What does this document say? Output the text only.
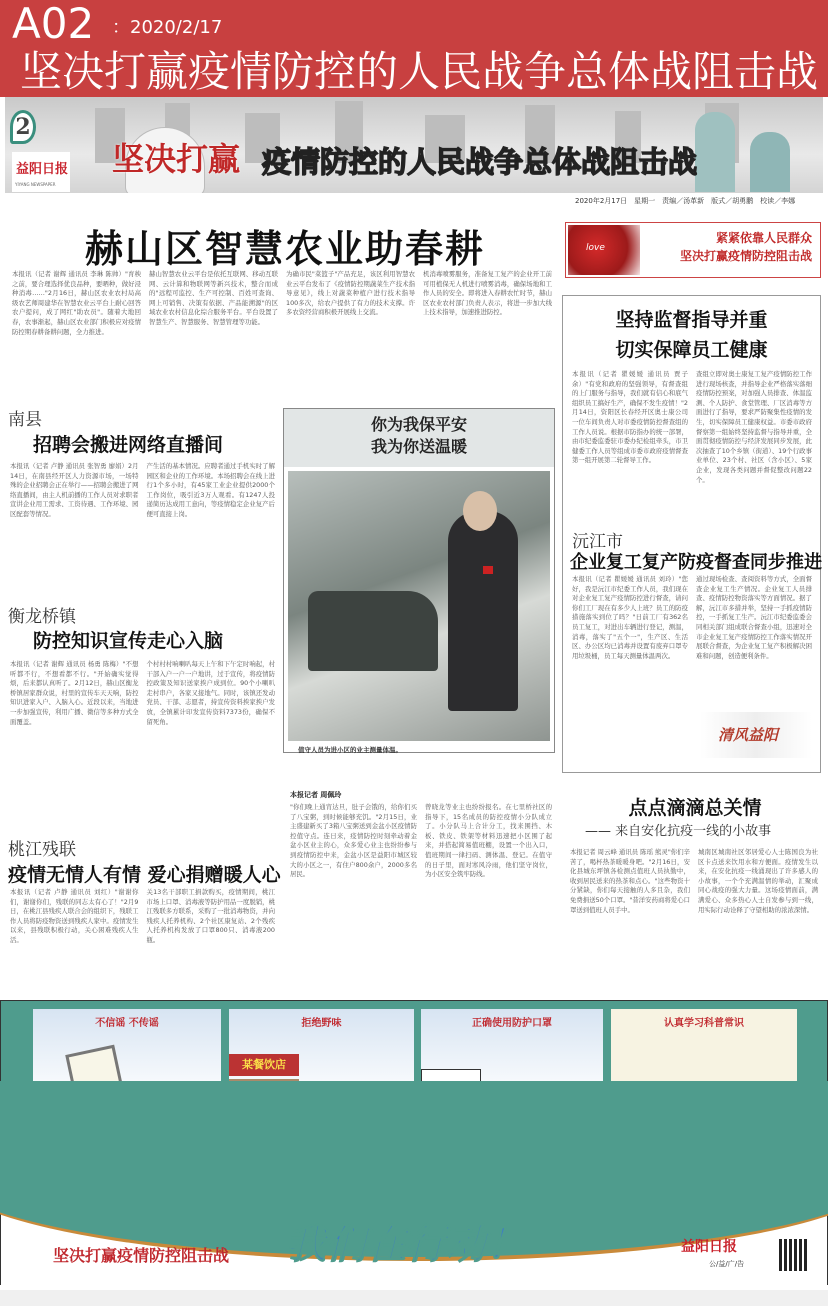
A02 ：2020/2/17
坚决打赢疫情防控的人民战争总体战阻击战
2
益阳日报
YIYANG NEWSPAPER
坚决打赢 疫情防控的人民战争总体战阻击战
2020年2月17日　星期一　责编／汤革新　版式／胡勇鹏　校读／李娜
赫山区智慧农业助春耕
本报讯（记者 谢辉 通讯员 李琳 陈帅）"育秧之前，要合理选择优良品种，要晒种，做好浸种消毒……"2月16日，赫山区农业农村局高级农艺师周建华在智慧农业云平台上耐心回答农户提问，成了网红"助农员"。随着大地回春，农事渐起，赫山区农业部门积极应对疫情防控期春耕备耕问题，全力推进。
赫山智慧农业云平台是依托互联网、移动互联网、云计算和物联网等新兴技术，整合而成的"远程可监控、生产可控制、百姓可查询、网上可销售、决策有依据、产品能溯源"的区域农业农村信息化综合服务平台。平台设置了智慧生产、智慧服务、智慧管理等功能。
为确市民"菜篮子"产品充足，该区利用智慧农业云平台发布了《疫情防控期蔬菜生产技术指导意见》，线上对蔬菜种植户进行技术指导100多次，给农户提供了有力的技术支撑。许多农资经营商积极开展线上交流。
机消毒喷雾服务，准备复工复产的企业开工前可用植保无人机进行喷雾消毒，确保场地和工作人员的安全。即将进入春耕农忙时节，赫山区农业农村部门负责人表示，将进一步加大线上技术指导，加速推进防控。
love
紧紧依靠人民群众
坚决打赢疫情防控阻击战
南县
招聘会搬进网络直播间
本报讯（记者 卢静 通讯员 张智勇 廖娟）2月14日，在南县经开区人力资源市场，一场特殊的企业招聘会正在举行——招聘会搬进了网络直播间，由主人机前播的工作人员对求职者宣讲企业用工需求、工资待遇、工作环境、园区配套等情况。
产生活的基本情况。应聘者通过手机实时了解园区和企业的工作环境。本场招聘会在线上进行1个多小时，有45家工业企业提供2000个工作岗位，吸引近3万人观看。有1247人投递简历达成用工意向，等疫情稳定企业复产后便可直接上岗。
衡龙桥镇
防控知识宣传走心入脑
本报讯（记者 谢辉 通讯员 杨勇 陈梅）"不想听都不行，不想看都不行。"开始确实觉得烦，后来都认真听了。2月12日，赫山区衡龙桥镇居家群众说，村里的宣传车天天响，防控知识进家入户、入脑入心。近段以来，当地进一步加强宣传，利用广播、微信等多种方式全面覆盖。
个村村村响喇叭每天上午和下午定时响起，村干部入户一户一户地讲，过于宣传，将疫情防控政策及知识送家挨户成到位。90个小喇叭走村串户，各家又接地气。同时，该镇还发动党员、干部、志愿者，持宣传资料挨家挨户发放，全镇累计印发宣传资料7373份，确保不留死角。
桃江残联
疫情无情人有情 爱心捐赠暖人心
本报讯（记者 卢静 通讯员 刘红）"谢谢你们，谢谢你们，残联的同志太有心了！"2月9日，在桃江县残疾人联合会的组织下，残联工作人员将防疫物资送到残疾人家中。疫情发生以来，县残联积极行动，关心困难残疾人生活。
关13名干部职工捐款购买，疫情期间，桃江市场上口罩、消毒液等防护用品一度脱销，桃江残联多方联系，采购了一批消毒物资，并向残疾人托养机构、2个社区康复站、2个残疾人托养机构发放了口罩800只、消毒液200瓶。
你为我保平安
我为你送温暖
值守人员为进小区的业主测量体温。
本报记者 周佩玲
"你们晚上通宵达旦，肚子会饿的，给你们买了八宝粥，到时候能够充饥。"2月15日，业主盛建新买了3箱八宝粥送到金盆小区疫情防控值守点。连日来，疫情防控时刻牵动着金盆小区业主的心，众多爱心业主也纷纷参与到疫情防控中来，金盆小区是益阳市城区较大的小区之一，有住户800余户，2000多名居民。
曾晓龙等业主也纷纷报名。在七里桥社区的指导下，15名成员的防控疫情小分队成立了。小分队马上合计分工，找来围挡、木板、铁皮、铁架等材料迅速把小区围了起来，并搭起简易值班棚，设置一个出入口，值班期间一律扫码、测体温、登记。在值守的日子里，面对寒风冷雨，他们坚守岗位，为小区安全筑牢防线。
坚持监督指导并重
切实保障员工健康
本报讯（记者 瞿媛媛 通讯员 贾子余）"有党和政府的坚强领导，有督查组的上门服务与指导，我们就有信心和底气组织员工搞好生产，确保不发生疫情！"2月14日，资阳区长春经开区奥士康公司一位车间负责人对市委疫情防控督查组的工作人员说。根据市防指办的统一部署，由市纪委监委驻市委办纪检组牵头，市卫健委工作人员等组成市委市政府疫情督查第一组开展第二轮督导工作。
查组立即对奥士康复工复产疫情防控工作进行现场核查，并指导企业严格落实落细疫情防控预案，对加强人员排查、体温监测、个人防护、食堂管理、厂区消毒等方面进行了指导，要求严防聚集性疫情的发生，切实保障员工健康权益。市委市政府督察第一组始终坚持监督与指导并重，全面贯彻疫情防控与经济发展同步发展，此次抽查了10个乡镇（街道）、19个行政事业单位、23个村、社区（含小区）、5家企业，发现各类问题并督促整改问题22个。
沅江市
企业复工复产防疫督查同步推进
本报讯（记者 瞿媛媛 通讯员 刘玲）"您好，我是沅江市纪委工作人员，我们现在对企业复工复产疫情防控进行督查，请问你们工厂现在有多少人上班？员工的防疫措施落实到位了吗？"日前工厂有362名员工复工，对进出车辆进行登记，测温，消毒，落实了"五个一"，生产区、生活区、办公区均已消毒并设置有废弃口罩专用垃圾桶，员工每天测量体温两次。
通过现场检查、查阅资料等方式，全面督查企业复工生产情况。企业复工人员排查、疫情防控物资落实等方面情况。据了解，沅江市多措并举，坚持一手抓疫情防控，一手抓复工生产。沅江市纪委监委会同相关部门组成联合督查小组，迅速对全市企业复工复产疫情防控工作落实情况开展联合督查，为企业复工复产积极解决困难和问题，创造便利条件。
清风益阳
点点滴滴总关情
—— 来自安化抗疫一线的小故事
本报记者 周云峰 通讯员 陈瑶 熊灵"你们辛苦了，喝杯热茶暖暖身吧。"2月16日，安化县城东坪镇各检测点值班人员执勤中，收到居民送来的热茶和点心。"这些物资十分紧缺，你们每天接触的人多且杂，我们免费捐送50个口罩。"昔洋安药商将爱心口罩送到值班人员手中。
城南区城南社区邻居爱心人士陈国良为社区卡点送来饮用水和方便面。疫情发生以来，在安化抗疫一线涌现出了许多感人的小故事，一个个充满温情的举动，汇聚成同心战疫的强大力量。这场疫情面前，满满爱心、众多热心人士自发参与到一线，用实际行动诠释了守望相助的浓浓深情。
不信谣 不传谣	拒绝野味
某餐饮店
正确使用防护口罩	认真学习科普常识
坚决打赢疫情防控阻击战 我们在行动！	益阳日报
公/益/广/告
